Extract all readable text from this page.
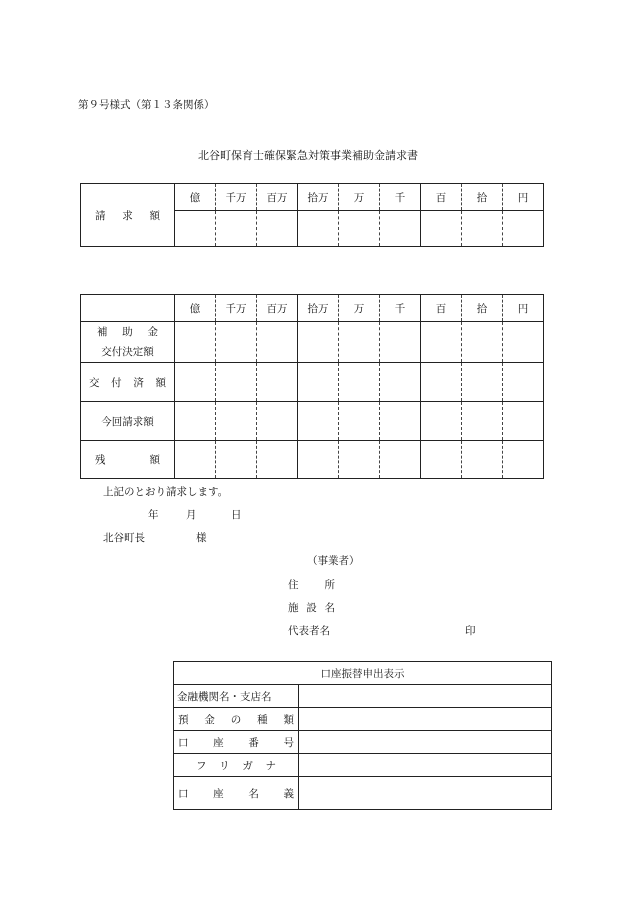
第９号様式（第１３条関係）
北谷町保育士確保緊急対策事業補助金請求書
請 求 額	億	千万	百万	拾万	万	千	百	拾	円

	億	千万	百万	拾万	万	千	百	拾	円

補 助 金
交付決定額									

交 付 済 額									

今回請求額									

残 額									

上記のとおり請求します。
年	月	日
北谷町長	様
（事業者）
住 所
施 設 名
代表者名	印
口座振替申出表示	

金融機関名・支店名	

預 金 の 種 類	

口 座 番 号	

フ リ ガ ナ	

口 座 名 義	
